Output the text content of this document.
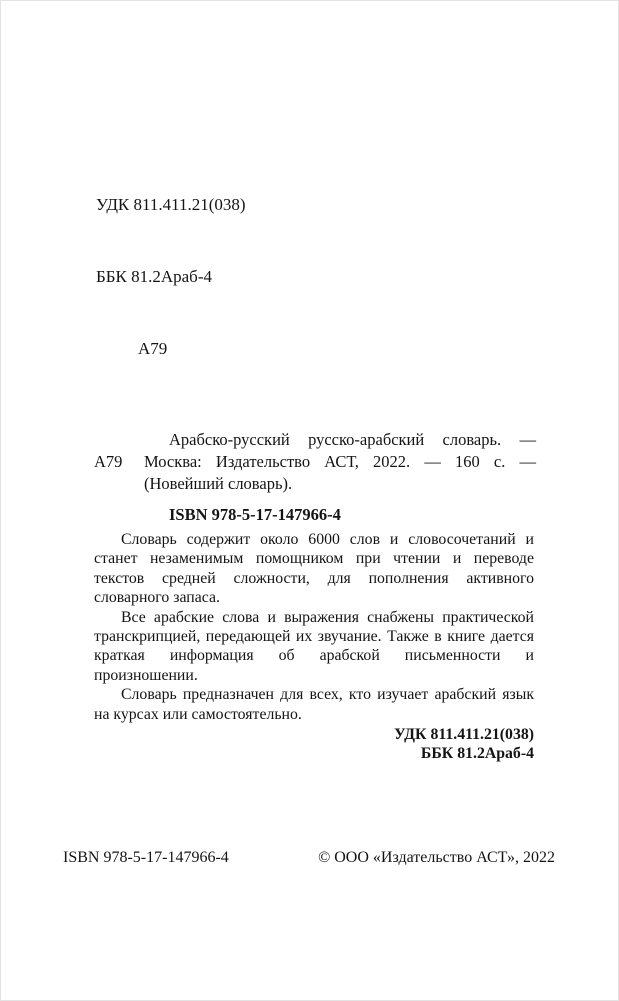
УДК 811.411.21(038)

ББК 81.2Араб-4

А79

А79

Арабско-русский русско-арабский словарь. — Москва: Издательство АСТ, 2022. — 160 с. — (Новейший словарь).

ISBN 978-5-17-147966-4

Словарь содержит около 6000 слов и словосочетаний и станет незаменимым помощником при чтении и переводе текстов средней сложности, для пополнения активного словарного запаса.

Все арабские слова и выражения снабжены практической транскрипцией, передающей их звучание. Также в книге дается краткая информация об арабской письменности и произношении.

Словарь предназначен для всех, кто изучает арабский язык на курсах или самостоятельно.

УДК 811.411.21(038)

ББК 81.2Араб-4

ISBN 978-5-17-147966-4	© ООО «Издательство АСТ», 2022
